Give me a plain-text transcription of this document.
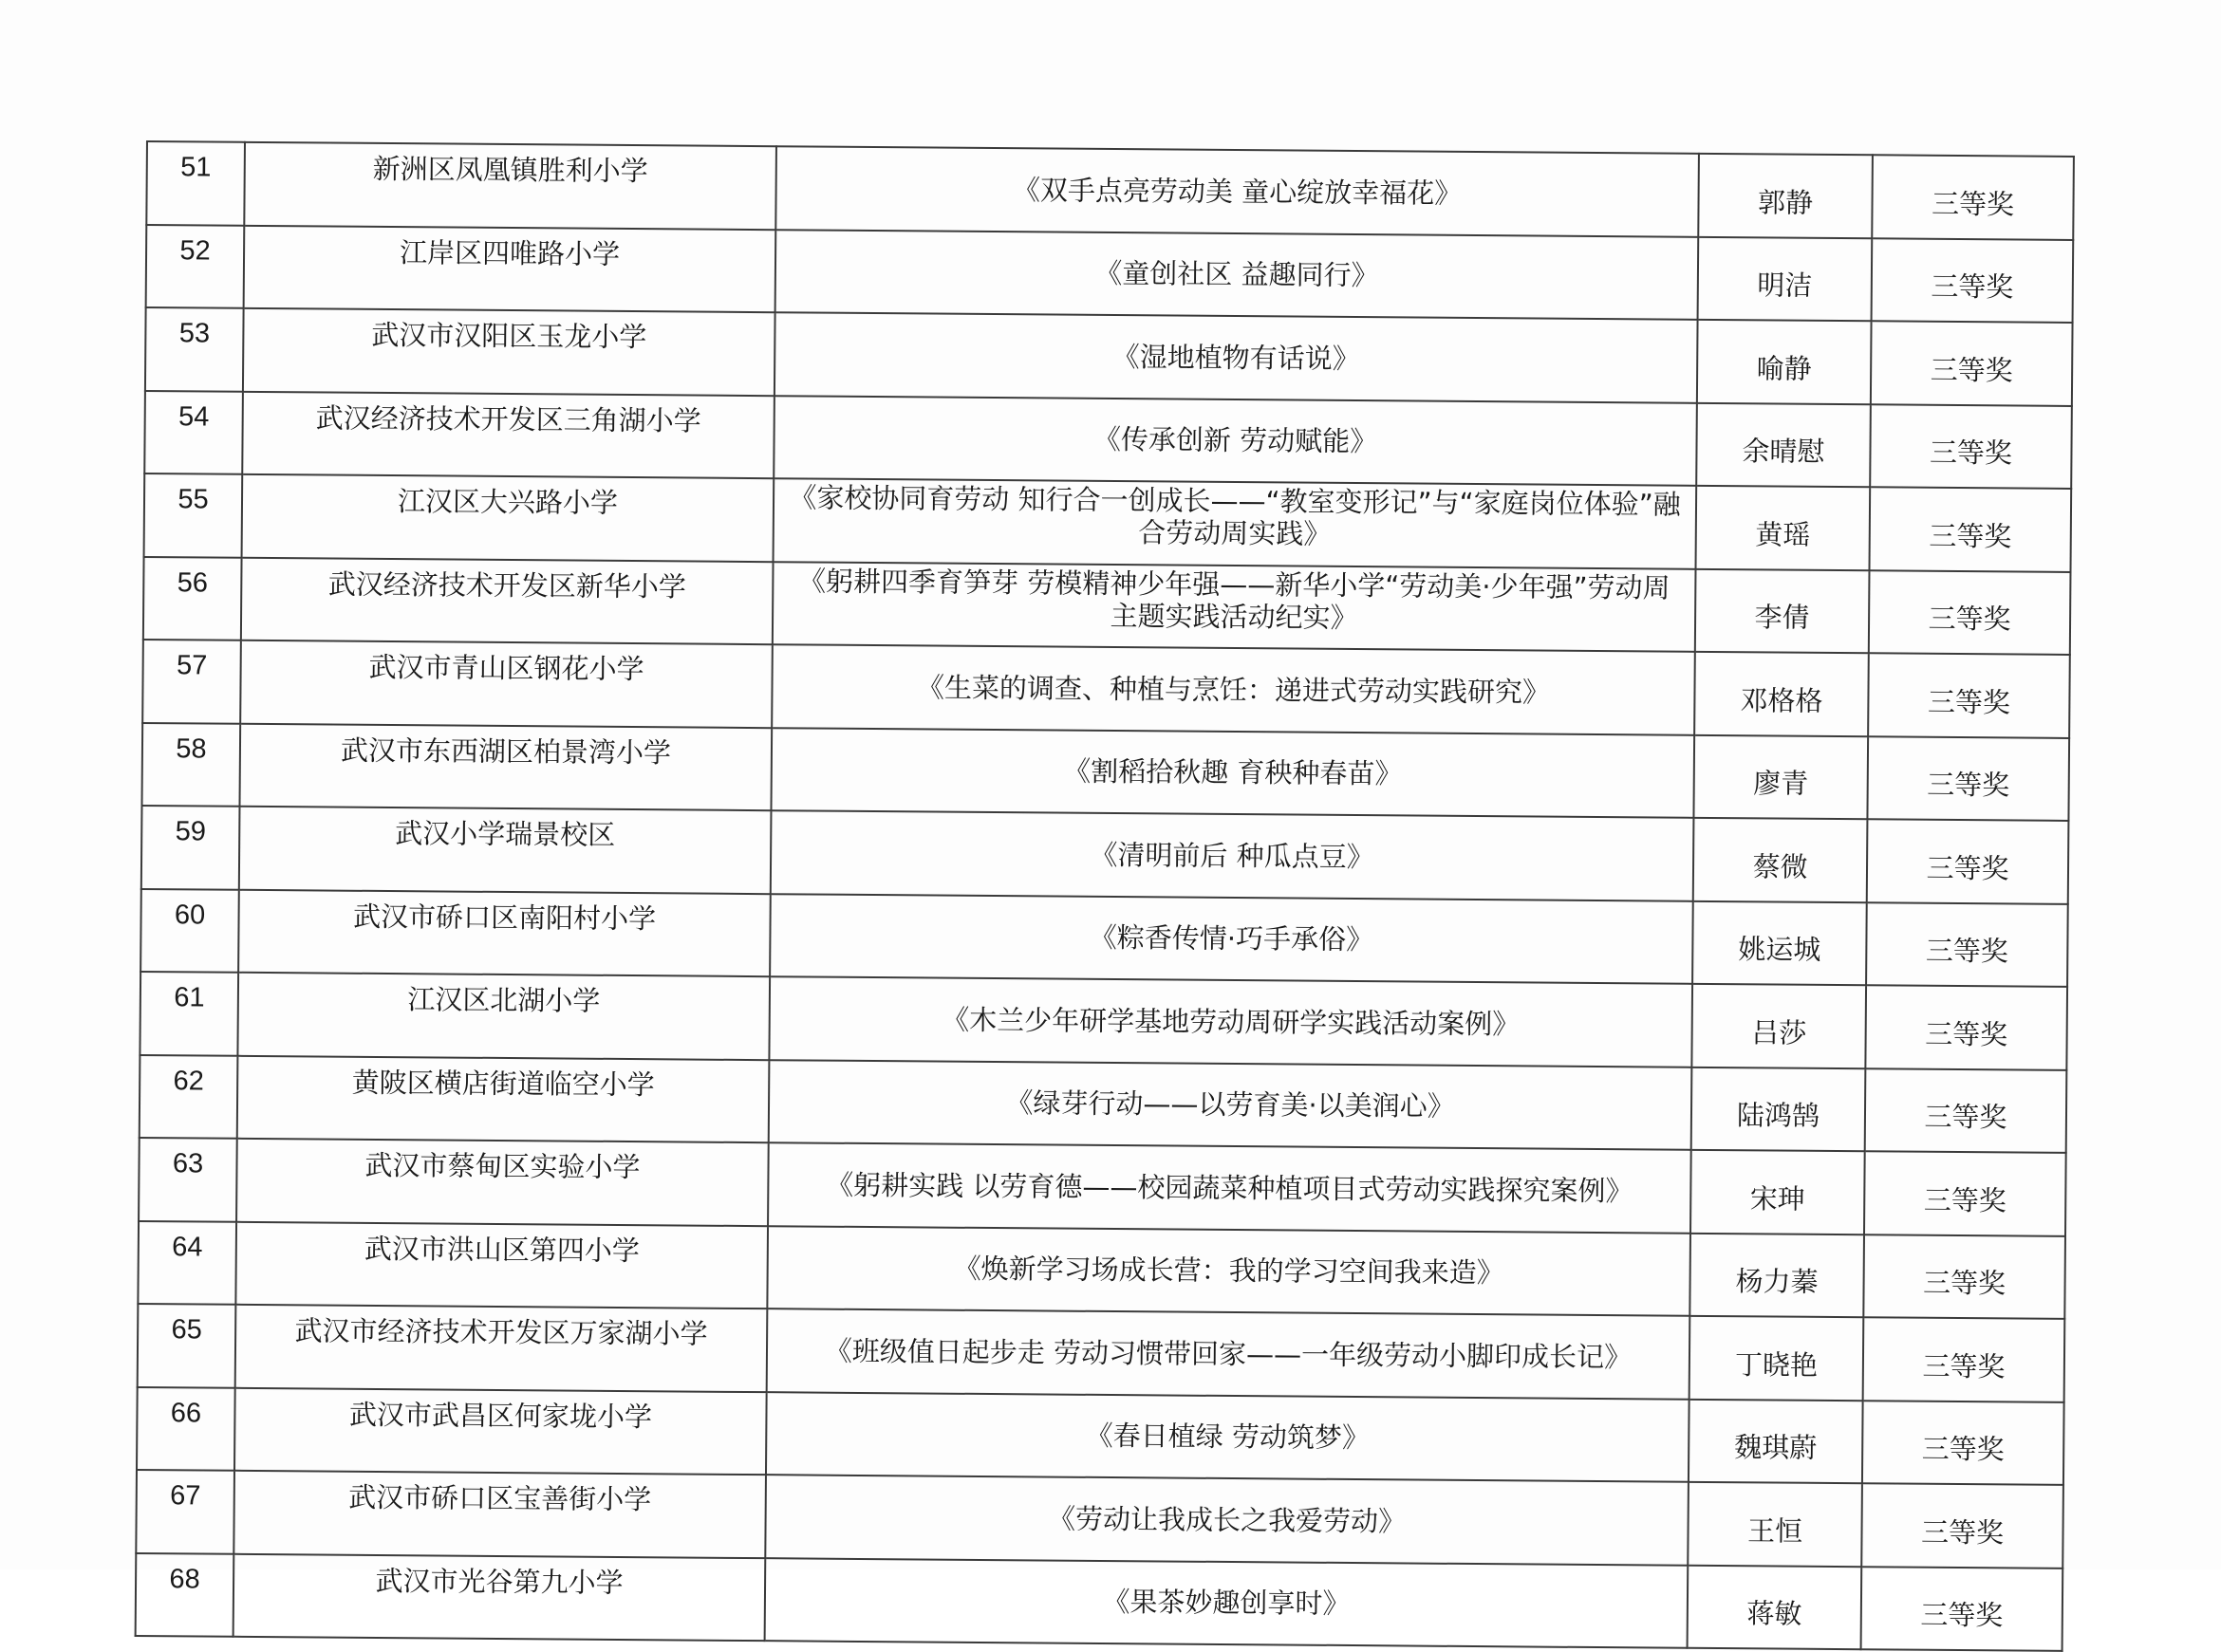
51	新洲区凤凰镇胜利小学	《双手点亮劳动美 童心绽放幸福花》	郭静	三等奖
52	江岸区四唯路小学	《童创社区 益趣同行》	明洁	三等奖
53	武汉市汉阳区玉龙小学	《湿地植物有话说》	喻静	三等奖
54	武汉经济技术开发区三角湖小学	《传承创新 劳动赋能》	余晴慰	三等奖
55	江汉区大兴路小学	《家校协同育劳动 知行合一创成长——“教室变形记”与“家庭岗位体验”融合劳动周实践》	黄瑶	三等奖
56	武汉经济技术开发区新华小学	《躬耕四季育笋芽 劳模精神少年强——新华小学“劳动美·少年强”劳动周主题实践活动纪实》	李倩	三等奖
57	武汉市青山区钢花小学	《生菜的调查、种植与烹饪：递进式劳动实践研究》	邓格格	三等奖
58	武汉市东西湖区柏景湾小学	《割稻拾秋趣 育秧种春苗》	廖青	三等奖
59	武汉小学瑞景校区	《清明前后 种瓜点豆》	蔡微	三等奖
60	武汉市硚口区南阳村小学	《粽香传情·巧手承俗》	姚运城	三等奖
61	江汉区北湖小学	《木兰少年研学基地劳动周研学实践活动案例》	吕莎	三等奖
62	黄陂区横店街道临空小学	《绿芽行动——以劳育美·以美润心》	陆鸿鹄	三等奖
63	武汉市蔡甸区实验小学	《躬耕实践 以劳育德——校园蔬菜种植项目式劳动实践探究案例》	宋珅	三等奖
64	武汉市洪山区第四小学	《焕新学习场成长营：我的学习空间我来造》	杨力蓁	三等奖
65	武汉市经济技术开发区万家湖小学	《班级值日起步走 劳动习惯带回家——一年级劳动小脚印成长记》	丁晓艳	三等奖
66	武汉市武昌区何家垅小学	《春日植绿 劳动筑梦》	魏琪蔚	三等奖
67	武汉市硚口区宝善街小学	《劳动让我成长之我爱劳动》	王恒	三等奖
68	武汉市光谷第九小学	《果茶妙趣创享时》	蒋敏	三等奖
